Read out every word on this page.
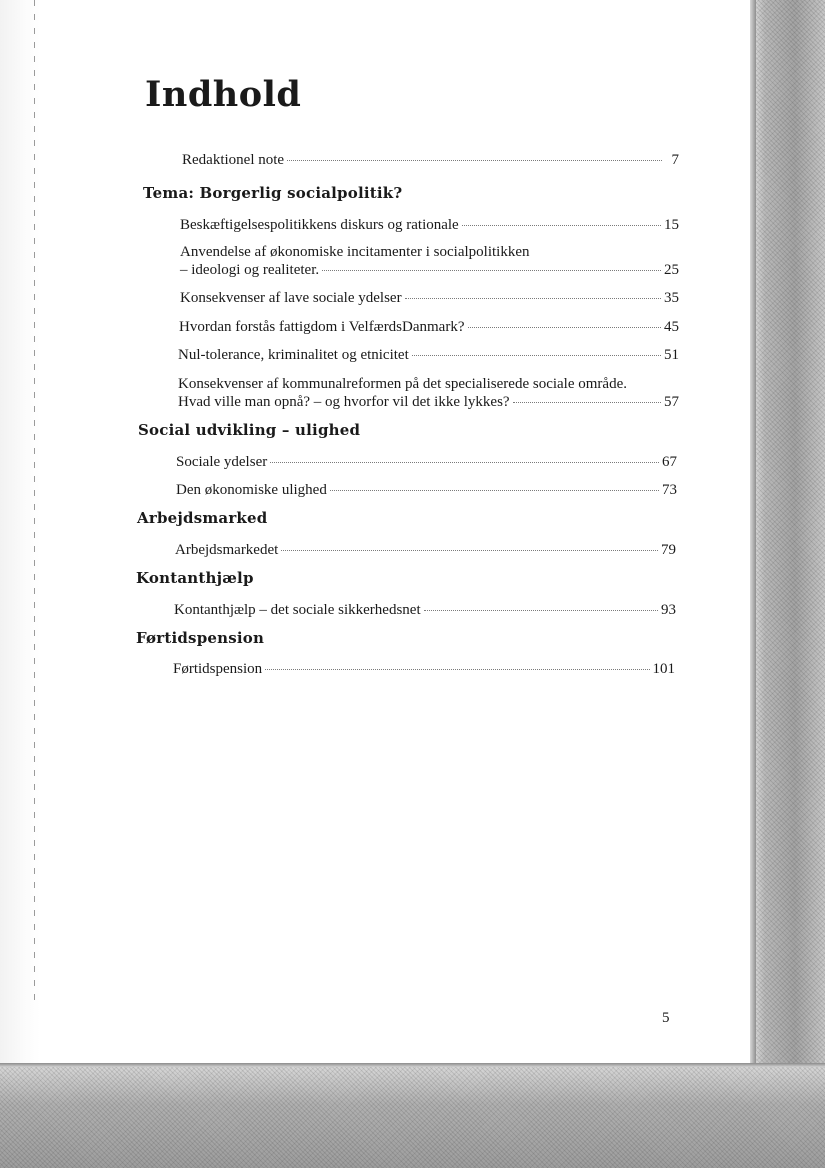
Indhold
Redaktionel note	7
Tema: Borgerlig socialpolitik?
Beskæftigelsespolitikkens diskurs og rationale	15
Anvendelse af økonomiske incitamenter i socialpolitikken
– ideologi og realiteter.	25
Konsekvenser af lave sociale ydelser	35
Hvordan forstås fattigdom i VelfærdsDanmark?	45
Nul-tolerance, kriminalitet og etnicitet	51
Konsekvenser af kommunalreformen på det specialiserede sociale område.
Hvad ville man opnå? – og hvorfor vil det ikke lykkes?	57
Social udvikling – ulighed
Sociale ydelser	67
Den økonomiske ulighed	73
Arbejdsmarked
Arbejdsmarkedet	79
Kontanthjælp
Kontanthjælp – det sociale sikkerhedsnet	93
Førtidspension
Førtidspension	101
5
